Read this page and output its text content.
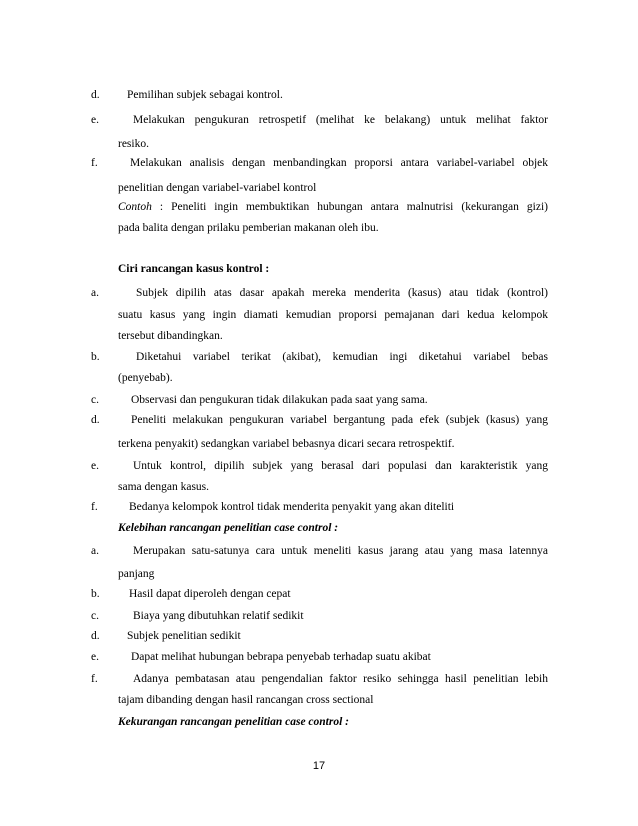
d.	Pemilihan subjek sebagai kontrol.
e.	Melakukan pengukuran retrospetif (melihat ke belakang) untuk melihat faktor
resiko.
f.	Melakukan analisis dengan menbandingkan proporsi antara variabel-variabel objek
penelitian dengan variabel-variabel kontrol
Contoh : Peneliti ingin membuktikan hubungan antara malnutrisi (kekurangan gizi)
pada balita dengan prilaku pemberian makanan oleh ibu.
Ciri rancangan kasus kontrol :
a.	Subjek dipilih atas dasar apakah mereka menderita (kasus) atau tidak (kontrol)
suatu kasus yang ingin diamati kemudian proporsi pemajanan dari kedua kelompok
tersebut dibandingkan.
b.	Diketahui variabel terikat (akibat), kemudian ingi diketahui variabel bebas
(penyebab).
c.	Observasi dan pengukuran tidak dilakukan pada saat yang sama.
d.	Peneliti melakukan pengukuran variabel bergantung pada efek (subjek (kasus) yang
terkena penyakit) sedangkan variabel bebasnya dicari secara retrospektif.
e.	Untuk kontrol, dipilih subjek yang berasal dari populasi dan karakteristik yang
sama dengan kasus.
f.	Bedanya kelompok kontrol tidak menderita penyakit yang akan diteliti
Kelebihan rancangan penelitian case control :
a.	Merupakan satu-satunya cara untuk meneliti kasus jarang atau yang masa latennya
panjang
b.	Hasil dapat diperoleh dengan cepat
c.	Biaya yang dibutuhkan relatif sedikit
d.	Subjek penelitian sedikit
e.	Dapat melihat hubungan bebrapa penyebab terhadap suatu akibat
f.	Adanya pembatasan atau pengendalian faktor resiko sehingga hasil penelitian lebih
tajam dibanding dengan hasil rancangan cross sectional
Kekurangan rancangan penelitian case control :
17
